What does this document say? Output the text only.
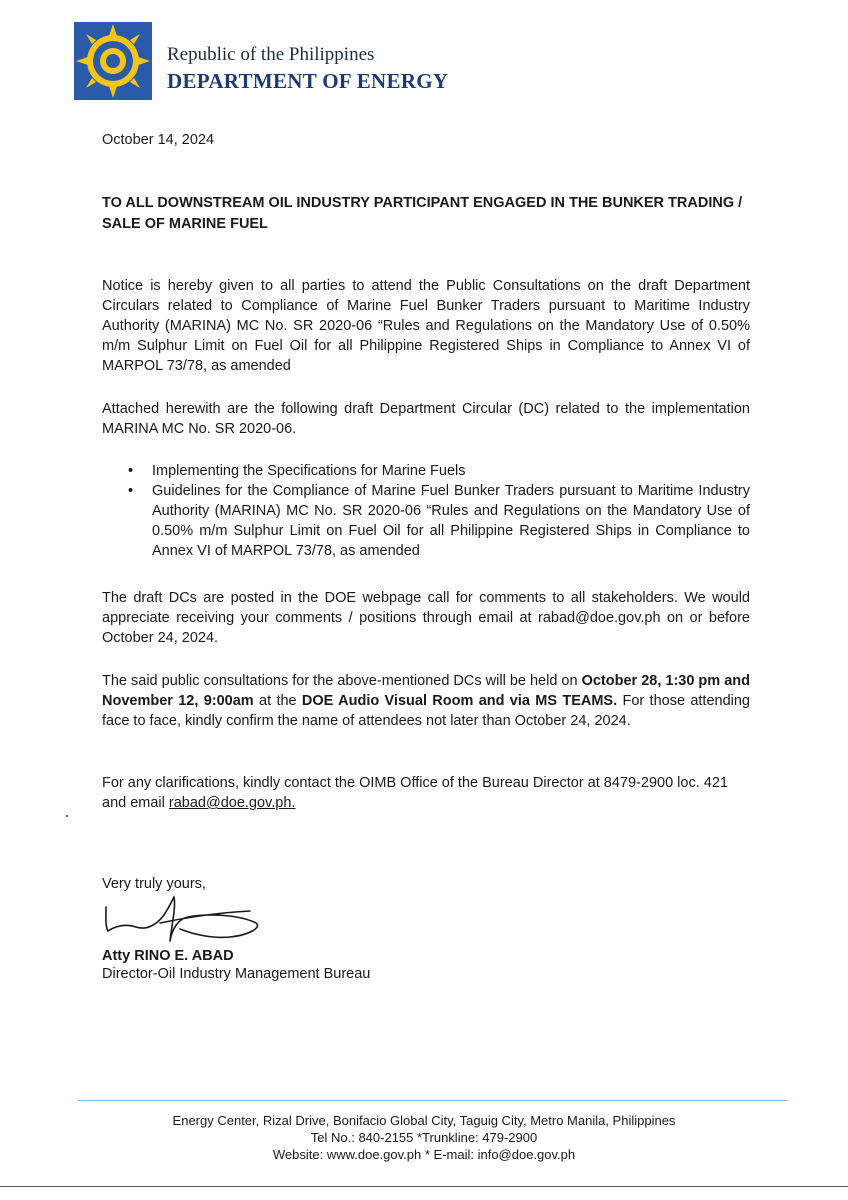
DEPARTMENT OF ENERGY Republic of the Philippines
DEPARTMENT OF ENERGY
October 14, 2024
TO ALL DOWNSTREAM OIL INDUSTRY PARTICIPANT ENGAGED IN THE BUNKER TRADING / SALE OF MARINE FUEL
Notice is hereby given to all parties to attend the Public Consultations on the draft Department Circulars related to Compliance of Marine Fuel Bunker Traders pursuant to Maritime Industry Authority (MARINA) MC No. SR 2020-06 “Rules and Regulations on the Mandatory Use of 0.50% m/m Sulphur Limit on Fuel Oil for all Philippine Registered Ships in Compliance to Annex VI of MARPOL 73/78, as amended
Attached herewith are the following draft Department Circular (DC) related to the implementation MARINA MC No. SR 2020-06.
• Implementing the Specifications for Marine Fuels
• Guidelines for the Compliance of Marine Fuel Bunker Traders pursuant to Maritime Industry Authority (MARINA) MC No. SR 2020-06 “Rules and Regulations on the Mandatory Use of 0.50% m/m Sulphur Limit on Fuel Oil for all Philippine Registered Ships in Compliance to Annex VI of MARPOL 73/78, as amended
The draft DCs are posted in the DOE webpage call for comments to all stakeholders. We would appreciate receiving your comments / positions through email at rabad@doe.gov.ph on or before October 24, 2024.
The said public consultations for the above-mentioned DCs will be held on October 28, 1:30 pm and November 12, 9:00am at the DOE Audio Visual Room and via MS TEAMS. For those attending face to face, kindly confirm the name of attendees not later than October 24, 2024.
For any clarifications, kindly contact the OIMB Office of the Bureau Director at 8479-2900 loc. 421 and email rabad@doe.gov.ph.
Very truly yours,
Atty RINO E. ABAD
Director-Oil Industry Management Bureau
Energy Center, Rizal Drive, Bonifacio Global City, Taguig City, Metro Manila, Philippines
Tel No.: 840-2155 *Trunkline: 479-2900
Website: www.doe.gov.ph * E-mail: info@doe.gov.ph
